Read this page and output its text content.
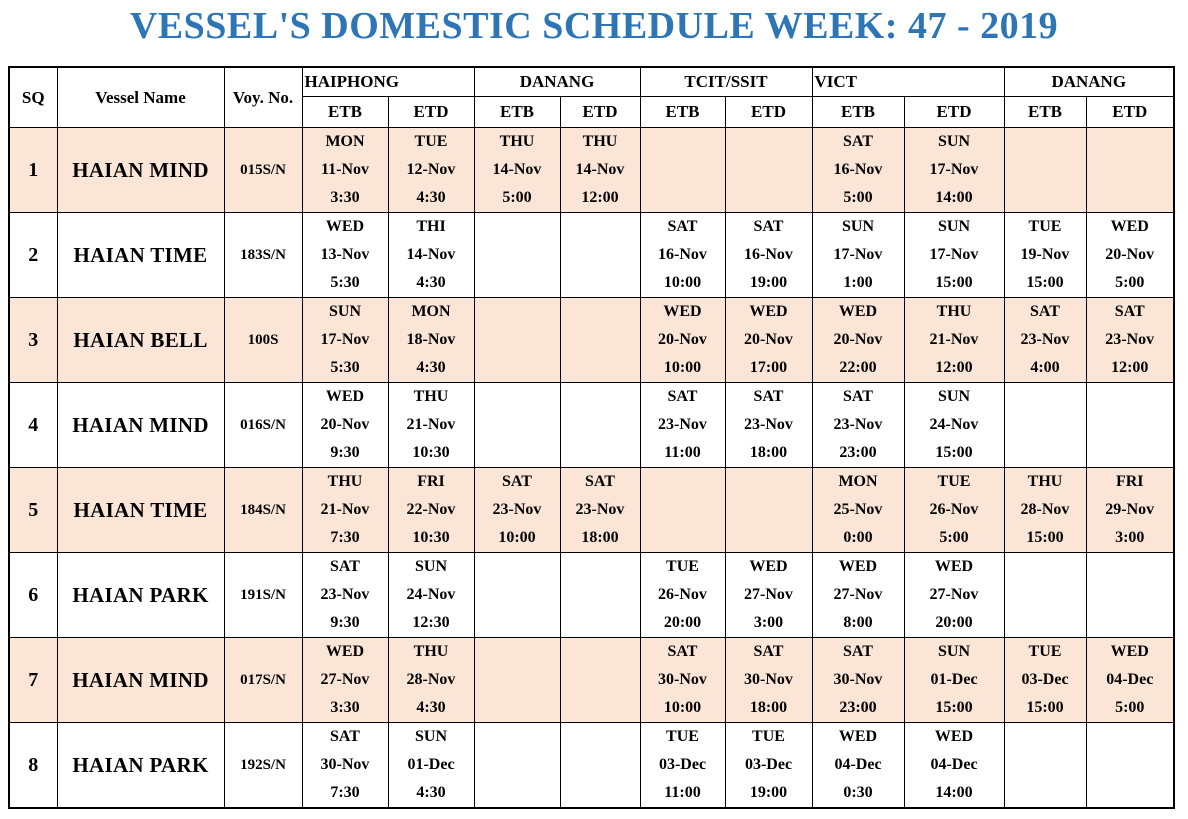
VESSEL'S DOMESTIC SCHEDULE WEEK: 47 - 2019
SQ	Vessel Name	Voy. No.	HAIPHONG		DANANG		TCIT/SSIT		VICT		DANANG	
			ETB	ETD	ETB	ETD	ETB	ETD	ETB	ETD	ETB	ETD
1	HAIAN MIND	015S/N	MON
11-Nov
3:30	TUE
12-Nov
4:30	THU
14-Nov
5:00	THU
14-Nov
12:00			SAT
16-Nov
5:00	SUN
17-Nov
14:00		

2	HAIAN TIME	183S/N	WED
13-Nov
5:30	THI
14-Nov
4:30			SAT
16-Nov
10:00	SAT
16-Nov
19:00	SUN
17-Nov
1:00	SUN
17-Nov
15:00	TUE
19-Nov
15:00	WED
20-Nov
5:00

3	HAIAN BELL	100S	SUN
17-Nov
5:30	MON
18-Nov
4:30			WED
20-Nov
10:00	WED
20-Nov
17:00	WED
20-Nov
22:00	THU
21-Nov
12:00	SAT
23-Nov
4:00	SAT
23-Nov
12:00

4	HAIAN MIND	016S/N	WED
20-Nov
9:30	THU
21-Nov
10:30			SAT
23-Nov
11:00	SAT
23-Nov
18:00	SAT
23-Nov
23:00	SUN
24-Nov
15:00		

5	HAIAN TIME	184S/N	THU
21-Nov
7:30	FRI
22-Nov
10:30	SAT
23-Nov
10:00	SAT
23-Nov
18:00			MON
25-Nov
0:00	TUE
26-Nov
5:00	THU
28-Nov
15:00	FRI
29-Nov
3:00

6	HAIAN PARK	191S/N	SAT
23-Nov
9:30	SUN
24-Nov
12:30			TUE
26-Nov
20:00	WED
27-Nov
3:00	WED
27-Nov
8:00	WED
27-Nov
20:00		

7	HAIAN MIND	017S/N	WED
27-Nov
3:30	THU
28-Nov
4:30			SAT
30-Nov
10:00	SAT
30-Nov
18:00	SAT
30-Nov
23:00	SUN
01-Dec
15:00	TUE
03-Dec
15:00	WED
04-Dec
5:00

8	HAIAN PARK	192S/N	SAT
30-Nov
7:30	SUN
01-Dec
4:30			TUE
03-Dec
11:00	TUE
03-Dec
19:00	WED
04-Dec
0:30	WED
04-Dec
14:00		
